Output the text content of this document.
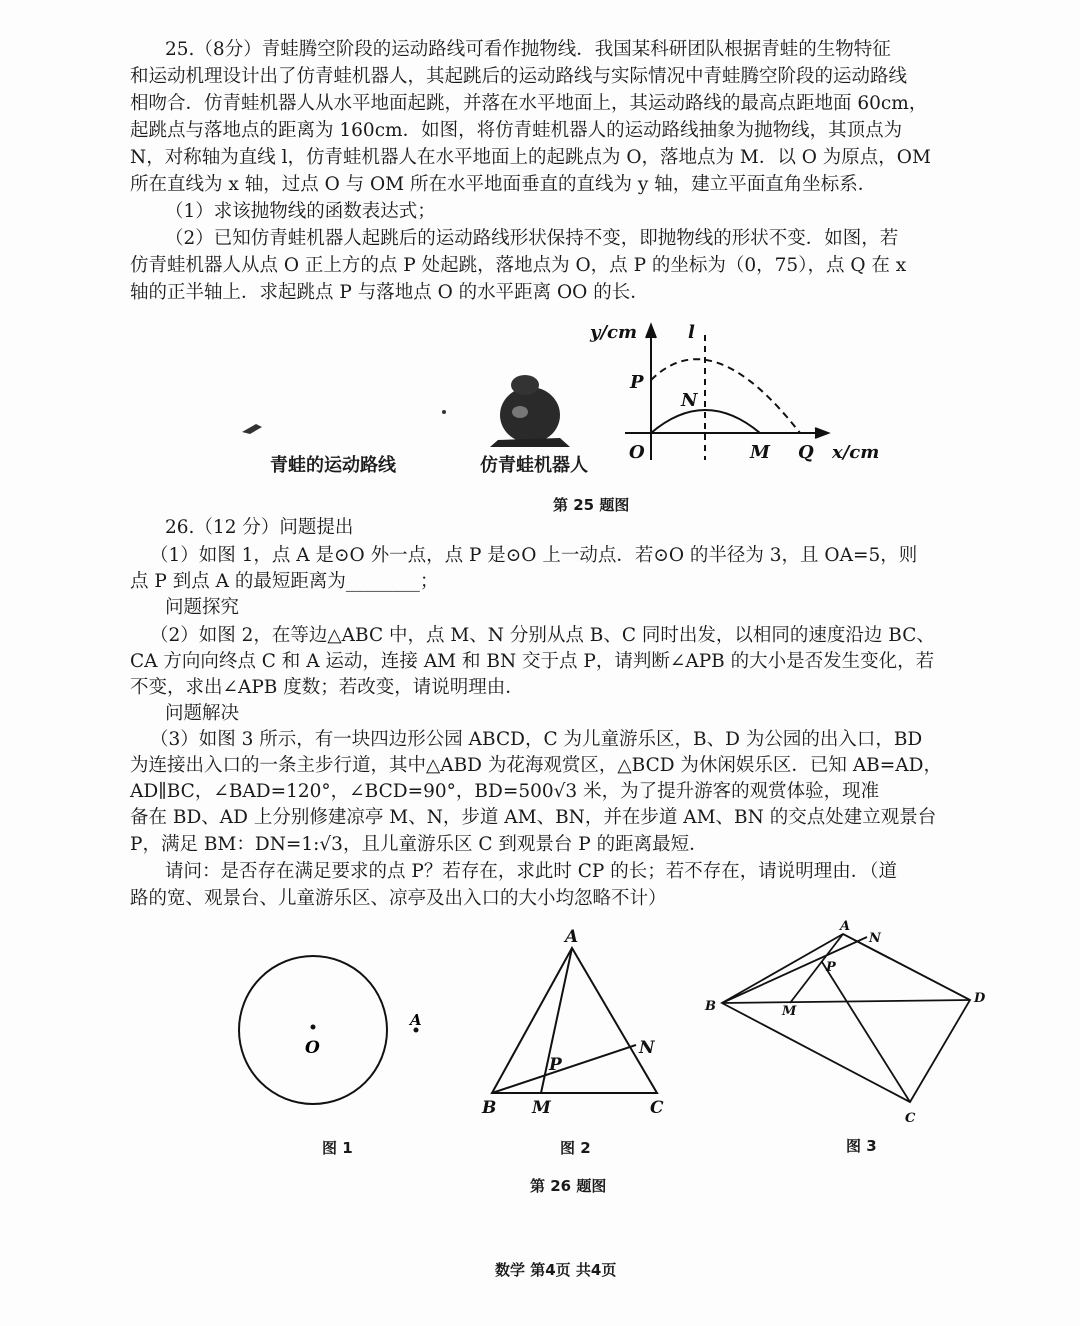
25.（8分）青蛙腾空阶段的运动路线可看作抛物线．我国某科研团队根据青蛙的生物特征
和运动机理设计出了仿青蛙机器人，其起跳后的运动路线与实际情况中青蛙腾空阶段的运动路线
相吻合．仿青蛙机器人从水平地面起跳，并落在水平地面上，其运动路线的最高点距地面 60cm，
起跳点与落地点的距离为 160cm．如图，将仿青蛙机器人的运动路线抽象为抛物线，其顶点为
N，对称轴为直线 l，仿青蛙机器人在水平地面上的起跳点为 O，落地点为 M．以 O 为原点，OM
所在直线为 x 轴，过点 O 与 OM 所在水平地面垂直的直线为 y 轴，建立平面直角坐标系．
（1）求该抛物线的函数表达式；
（2）已知仿青蛙机器人起跳后的运动路线形状保持不变，即抛物线的形状不变．如图，若
仿青蛙机器人从点 O 正上方的点 P 处起跳，落地点为 O，点 P 的坐标为（0，75），点 Q 在 x
轴的正半轴上．求起跳点 P 与落地点 O 的水平距离 OO 的长．
y/cm	l
P
N
O	M Q x/cm
O
A
A
B M	C
N
P
A
N
P
B	M
D
C
青蛙的运动路线	仿青蛙机器人
第 25 题图
26.（12 分）问题提出
（1）如图 1，点 A 是⊙O 外一点，点 P 是⊙O 上一动点．若⊙O 的半径为 3，且 OA=5，则
点 P 到点 A 的最短距离为________；
问题探究
（2）如图 2，在等边△ABC 中，点 M、N 分别从点 B、C 同时出发，以相同的速度沿边 BC、
CA 方向向终点 C 和 A 运动，连接 AM 和 BN 交于点 P，请判断∠APB 的大小是否发生变化，若
不变，求出∠APB 度数；若改变，请说明理由．
问题解决
（3）如图 3 所示，有一块四边形公园 ABCD，C 为儿童游乐区，B、D 为公园的出入口，BD
为连接出入口的一条主步行道，其中△ABD 为花海观赏区，△BCD 为休闲娱乐区．已知 AB=AD，
AD∥BC，∠BAD=120°，∠BCD=90°，BD=500√3 米，为了提升游客的观赏体验，现准
备在 BD、AD 上分别修建凉亭 M、N，步道 AM、BN，并在步道 AM、BN 的交点处建立观景台
P，满足 BM：DN=1:√3，且儿童游乐区 C 到观景台 P 的距离最短．
请问：是否存在满足要求的点 P？若存在，求此时 CP 的长；若不存在，请说明理由．（道
路的宽、观景台、儿童游乐区、凉亭及出入口的大小均忽略不计）
图 1	图 2	图 3
第 26 题图
数学 第4页 共4页
